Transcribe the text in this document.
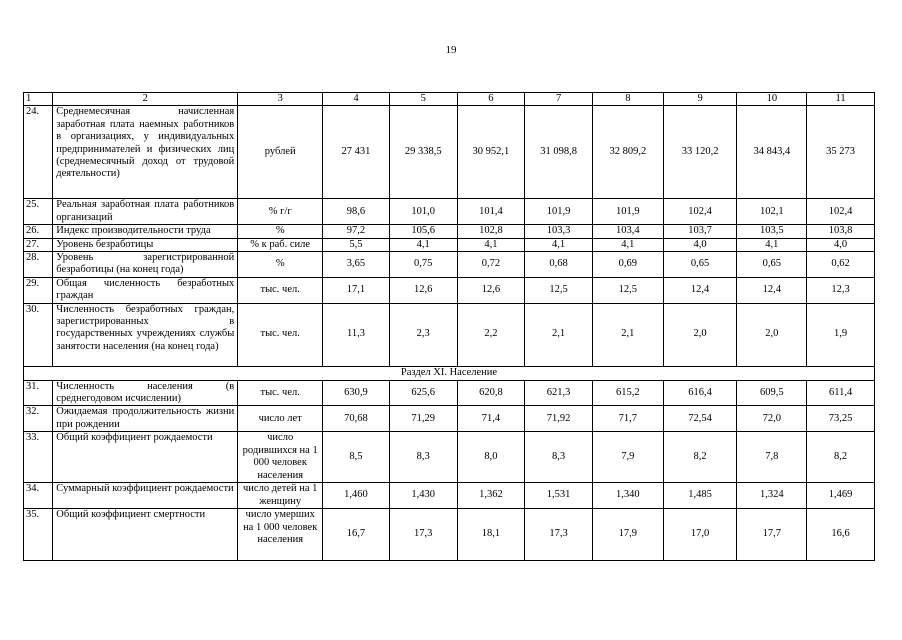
19
1	2	3	4	5	6	7	8	9	10	11
24.	Среднемесячная начисленная заработная плата наемных работников в организациях, у индивидуальных предпринимателей и физических лиц (среднемесячный доход от трудовой деятельности)	рублей	27 431	29 338,5	30 952,1	31 098,8	32 809,2	33 120,2	34 843,4	35 273
25.	Реальная заработная плата работников организаций	% г/г	98,6	101,0	101,4	101,9	101,9	102,4	102,1	102,4
26.	Индекс производительности труда	%	97,2	105,6	102,8	103,3	103,4	103,7	103,5	103,8
27.	Уровень безработицы	% к раб. силе	5,5	4,1	4,1	4,1	4,1	4,0	4,1	4,0
28.	Уровень зарегистрированной безработицы (на конец года)	%	3,65	0,75	0,72	0,68	0,69	0,65	0,65	0,62
29.	Общая численность безработных граждан	тыс. чел.	17,1	12,6	12,6	12,5	12,5	12,4	12,4	12,3
30.	Численность безработных граждан, зарегистрированных в государственных учреждениях службы занятости населения (на конец года)	тыс. чел.	11,3	2,3	2,2	2,1	2,1	2,0	2,0	1,9
Раздел XI. Население										
31.	Численность населения (в среднегодовом исчислении)	тыс. чел.	630,9	625,6	620,8	621,3	615,2	616,4	609,5	611,4
32.	Ожидаемая продолжительность жизни при рождении	число лет	70,68	71,29	71,4	71,92	71,7	72,54	72,0	73,25
33.	Общий коэффициент рождаемости	число родившихся на 1 000 человек населения	8,5	8,3	8,0	8,3	7,9	8,2	7,8	8,2
34.	Суммарный коэффициент рождаемости	число детей на 1 женщину	1,460	1,430	1,362	1,531	1,340	1,485	1,324	1,469
35.	Общий коэффициент смертности	число умерших на 1 000 человек населения	16,7	17,3	18,1	17,3	17,9	17,0	17,7	16,6
